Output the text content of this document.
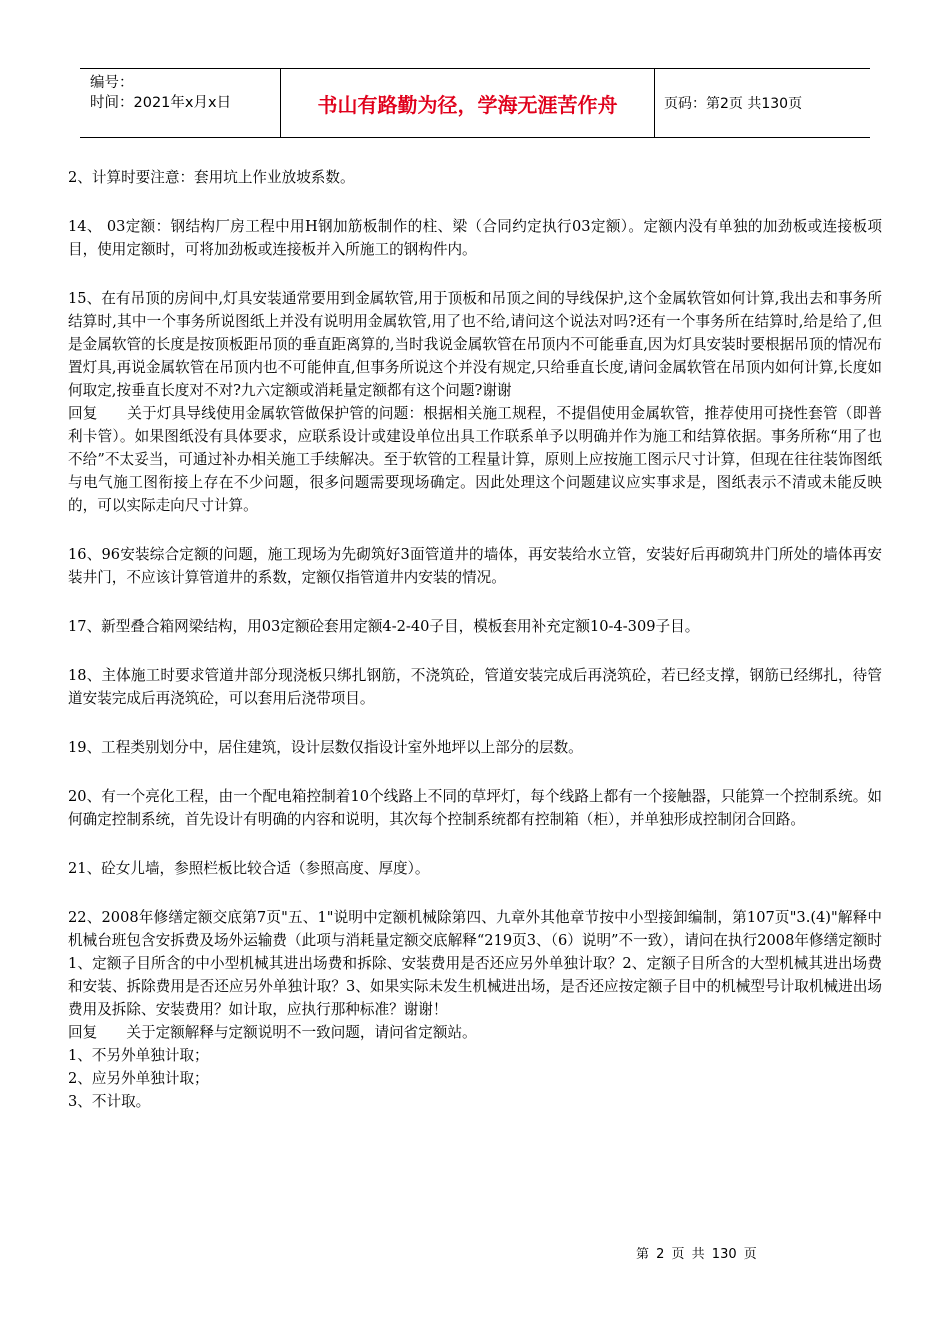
编号：
时间：2021年x月x日	书山有路勤为径，学海无涯苦作舟	页码：第2页 共130页

2、计算时要注意：套用坑上作业放坡系数。

14、 03定额：钢结构厂房工程中用H钢加筋板制作的柱、梁（合同约定执行03定额）。定额内没有单独的加劲板或连接板项目，使用定额时，可将加劲板或连接板并入所施工的钢构件内。

15、在有吊顶的房间中,灯具安装通常要用到金属软管,用于顶板和吊顶之间的导线保护,这个金属软管如何计算,我出去和事务所结算时,其中一个事务所说图纸上并没有说明用金属软管,用了也不给,请问这个说法对吗?还有一个事务所在结算时,给是给了,但是金属软管的长度是按顶板距吊顶的垂直距离算的,当时我说金属软管在吊顶内不可能垂直,因为灯具安装时要根据吊顶的情况布置灯具,再说金属软管在吊顶内也不可能伸直,但事务所说这个并没有规定,只给垂直长度,请问金属软管在吊顶内如何计算,长度如何取定,按垂直长度对不对?九六定额或消耗量定额都有这个问题?谢谢

回复　　关于灯具导线使用金属软管做保护管的问题：根据相关施工规程，不提倡使用金属软管，推荐使用可挠性套管（即普利卡管）。如果图纸没有具体要求，应联系设计或建设单位出具工作联系单予以明确并作为施工和结算依据。事务所称“用了也不给”不太妥当，可通过补办相关施工手续解决。至于软管的工程量计算，原则上应按施工图示尺寸计算，但现在往往装饰图纸与电气施工图衔接上存在不少问题，很多问题需要现场确定。因此处理这个问题建议应实事求是，图纸表示不清或未能反映的，可以实际走向尺寸计算。

16、96安装综合定额的问题，施工现场为先砌筑好3面管道井的墙体，再安装给水立管，安装好后再砌筑井门所处的墙体再安装井门，不应该计算管道井的系数，定额仅指管道井内安装的情况。

17、新型叠合箱网梁结构，用03定额砼套用定额4-2-40子目，模板套用补充定额10-4-309子目。

18、主体施工时要求管道井部分现浇板只绑扎钢筋，不浇筑砼，管道安装完成后再浇筑砼，若已经支撑，钢筋已经绑扎，待管道安装完成后再浇筑砼，可以套用后浇带项目。

19、工程类别划分中，居住建筑，设计层数仅指设计室外地坪以上部分的层数。

20、有一个亮化工程，由一个配电箱控制着10个线路上不同的草坪灯，每个线路上都有一个接触器，只能算一个控制系统。如何确定控制系统，首先设计有明确的内容和说明，其次每个控制系统都有控制箱（柜），并单独形成控制闭合回路。

21、砼女儿墙，参照栏板比较合适（参照高度、厚度）。

22、2008年修缮定额交底第7页"五、1"说明中定额机械除第四、九章外其他章节按中小型接卸编制，第107页"3.(4)"解释中机械台班包含安拆费及场外运输费（此项与消耗量定额交底解释“219页3、（6）说明”不一致），请问在执行2008年修缮定额时1、定额子目所含的中小型机械其进出场费和拆除、安装费用是否还应另外单独计取？2、定额子目所含的大型机械其进出场费和安装、拆除费用是否还应另外单独计取？3、如果实际未发生机械进出场，是否还应按定额子目中的机械型号计取机械进出场费用及拆除、安装费用？如计取，应执行那种标准？谢谢！

回复　　关于定额解释与定额说明不一致问题，请问省定额站。

1、不另外单独计取；

2、应另外单独计取；

3、不计取。

第 2 页 共 130 页
